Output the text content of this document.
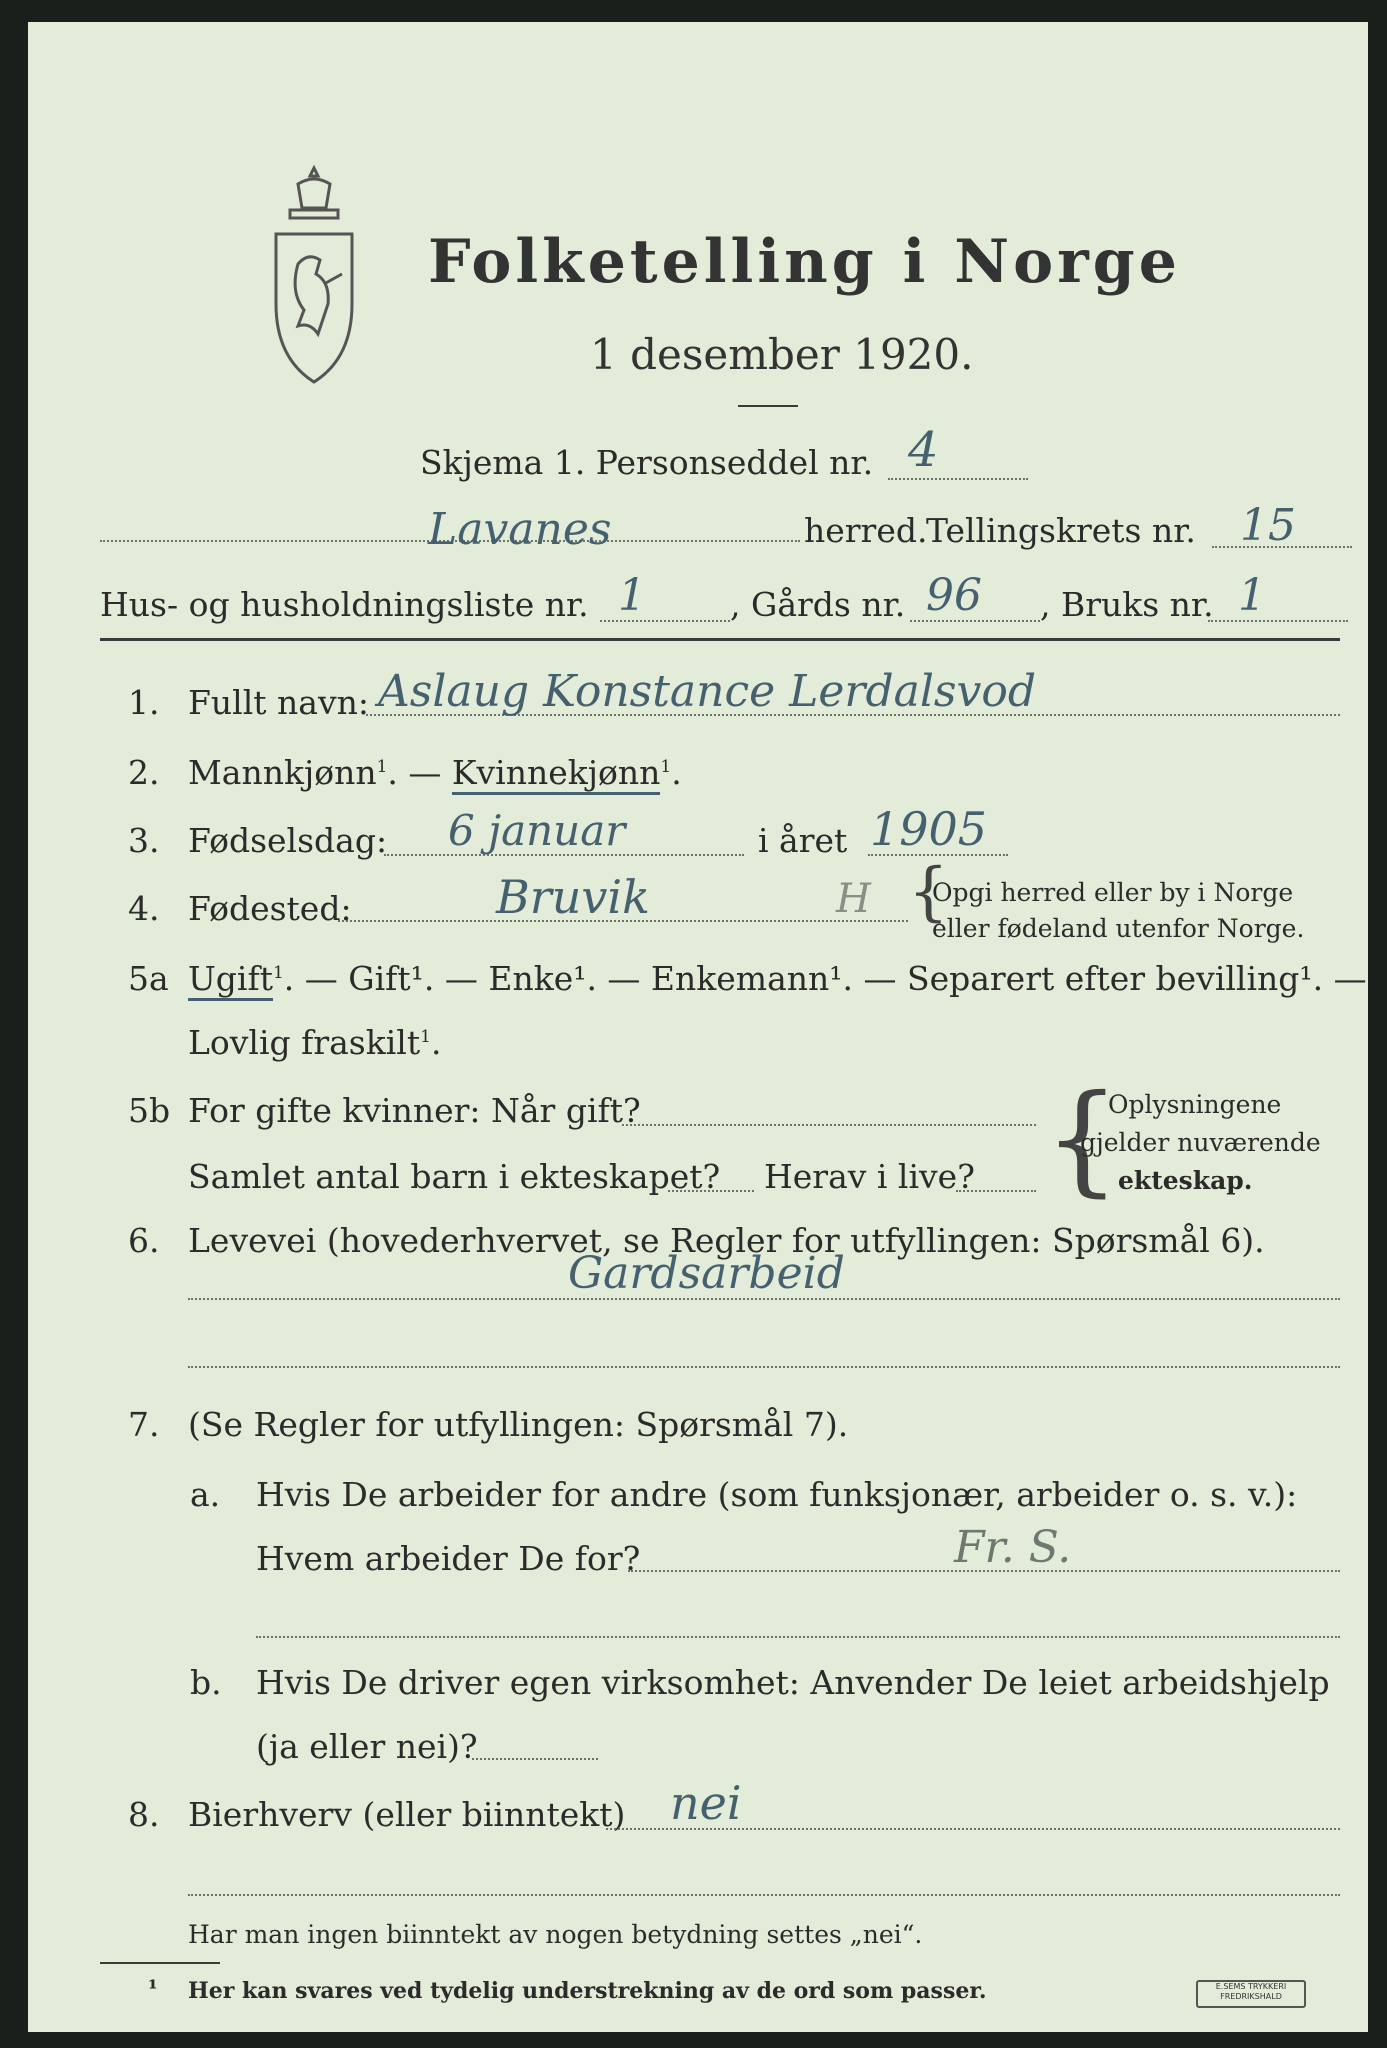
Folketelling i Norge
1 desember 1920.
Skjema 1. Personseddel nr. 4
Lavanes	herred.
Tellingskrets nr. 15
Hus- og husholdningsliste nr. 1	, Gårds nr. 96 , Bruks nr. 1
1. Fullt navn: Aslaug Konstance Lerdalsvod
2. Mannkjønn$^1$. — Kvinnekjønn$^1$.
3. Fødselsdag: 6 januar	i året 1905
4. Fødested:	Bruvik	H {
Opgi herred eller by i Norge
eller fødeland utenfor Norge.
5a Ugift$^1$. — Gift¹. — Enke¹. — Enkemann¹. — Separert efter bevilling¹. —
Lovlig fraskilt$^1$.
5b For gifte kvinner: Når gift?
Samlet antal barn i ekteskapet? Herav i live? {
Oplysningene
gjelder nuværende
ekteskap.
6. Levevei (hovederhvervet, se Regler for utfyllingen: Spørsmål 6).
Gardsarbeid
7. (Se Regler for utfyllingen: Spørsmål 7).
a. Hvis De arbeider for andre (som funksjonær, arbeider o. s. v.):
Hvem arbeider De for?	Fr. S.
b. Hvis De driver egen virksomhet: Anvender De leiet arbeidshjelp
(ja eller nei)?
8. Bierhverv (eller biinntekt) nei
Har man ingen biinntekt av nogen betydning settes „nei“.
¹ Her kan svares ved tydelig understrekning av de ord som passer.	E.SEMS TRYKKERI
FREDRIKSHALD
